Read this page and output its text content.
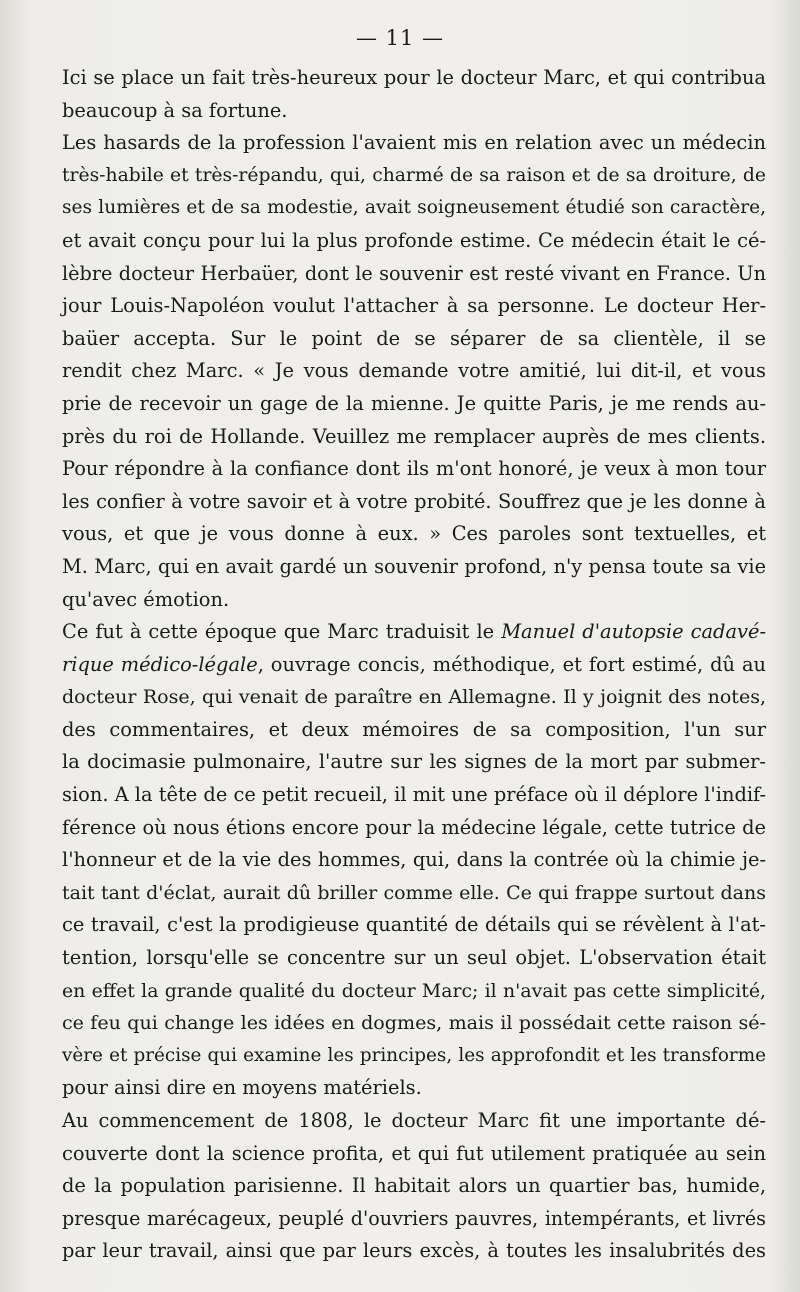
— 11 —
Ici se place un fait très-heureux pour le docteur Marc, et qui contribua
beaucoup à sa fortune.
Les hasards de la profession l'avaient mis en relation avec un médecin
très-habile et très-répandu, qui, charmé de sa raison et de sa droiture, de
ses lumières et de sa modestie, avait soigneusement étudié son caractère,
et avait conçu pour lui la plus profonde estime. Ce médecin était le cé-
lèbre docteur Herbaüer, dont le souvenir est resté vivant en France. Un
jour Louis-Napoléon voulut l'attacher à sa personne. Le docteur Her-
baüer accepta. Sur le point de se séparer de sa clientèle, il se
rendit chez Marc. « Je vous demande votre amitié, lui dit-il, et vous
prie de recevoir un gage de la mienne. Je quitte Paris, je me rends au-
près du roi de Hollande. Veuillez me remplacer auprès de mes clients.
Pour répondre à la confiance dont ils m'ont honoré, je veux à mon tour
les confier à votre savoir et à votre probité. Souffrez que je les donne à
vous, et que je vous donne à eux. » Ces paroles sont textuelles, et
M. Marc, qui en avait gardé un souvenir profond, n'y pensa toute sa vie
qu'avec émotion.
Ce fut à cette époque que Marc traduisit le Manuel d'autopsie cadavé-
rique médico-légale, ouvrage concis, méthodique, et fort estimé, dû au
docteur Rose, qui venait de paraître en Allemagne. Il y joignit des notes,
des commentaires, et deux mémoires de sa composition, l'un sur
la docimasie pulmonaire, l'autre sur les signes de la mort par submer-
sion. A la tête de ce petit recueil, il mit une préface où il déplore l'indif-
férence où nous étions encore pour la médecine légale, cette tutrice de
l'honneur et de la vie des hommes, qui, dans la contrée où la chimie je-
tait tant d'éclat, aurait dû briller comme elle. Ce qui frappe surtout dans
ce travail, c'est la prodigieuse quantité de détails qui se révèlent à l'at-
tention, lorsqu'elle se concentre sur un seul objet. L'observation était
en effet la grande qualité du docteur Marc; il n'avait pas cette simplicité,
ce feu qui change les idées en dogmes, mais il possédait cette raison sé-
vère et précise qui examine les principes, les approfondit et les transforme
pour ainsi dire en moyens matériels.
Au commencement de 1808, le docteur Marc fit une importante dé-
couverte dont la science profita, et qui fut utilement pratiquée au sein
de la population parisienne. Il habitait alors un quartier bas, humide,
presque marécageux, peuplé d'ouvriers pauvres, intempérants, et livrés
par leur travail, ainsi que par leurs excès, à toutes les insalubrités des
